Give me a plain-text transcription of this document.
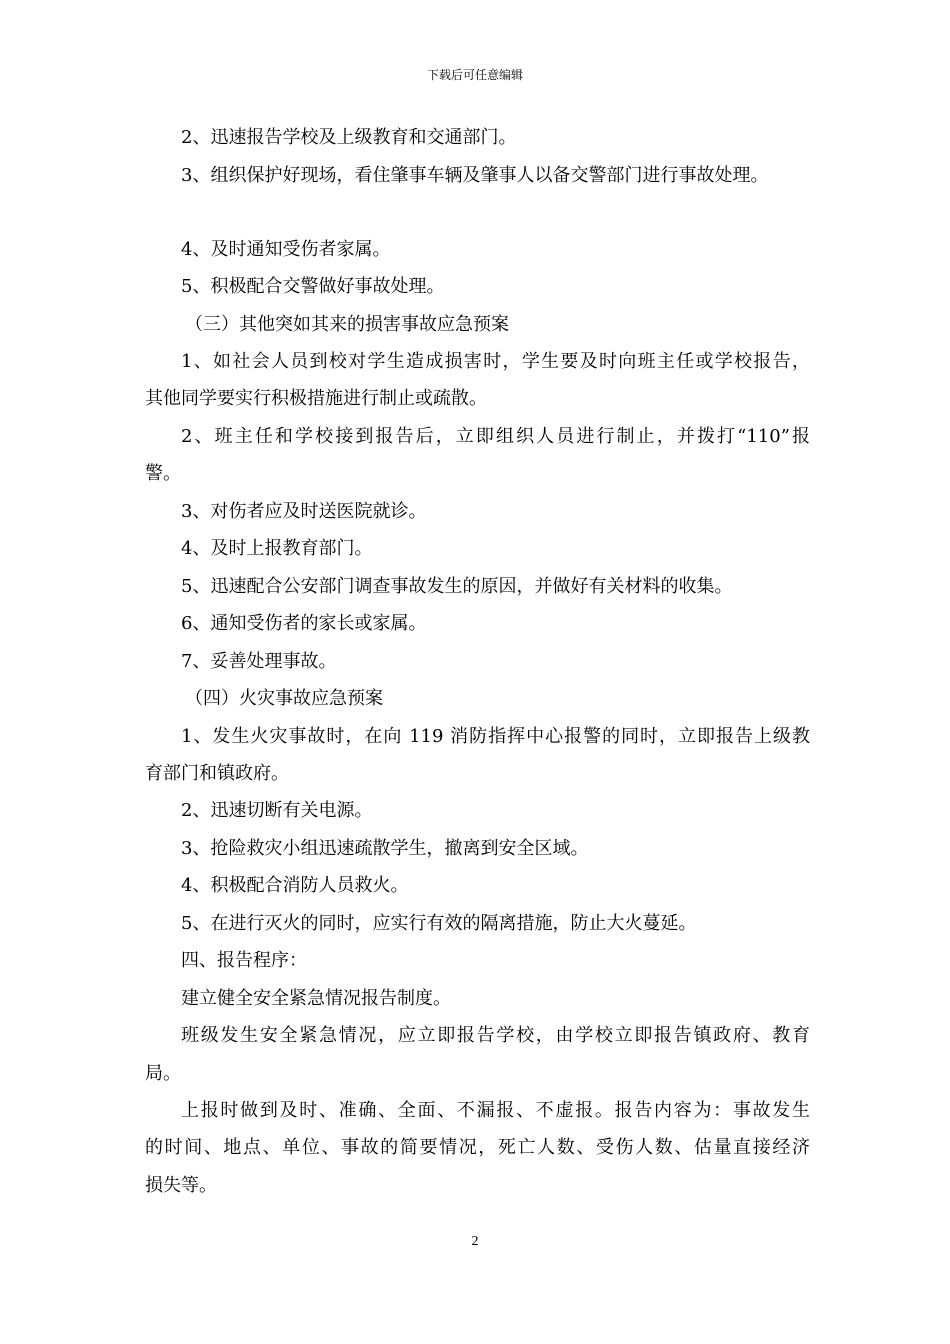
下载后可任意编辑
2、迅速报告学校及上级教育和交通部门。
3、组织保护好现场，看住肇事车辆及肇事人以备交警部门进行事故处理。
4、及时通知受伤者家属。
5、积极配合交警做好事故处理。
（三）其他突如其来的损害事故应急预案
1、如社会人员到校对学生造成损害时，学生要及时向班主任或学校报告，
其他同学要实行积极措施进行制止或疏散。
2、班主任和学校接到报告后，立即组织人员进行制止，并拨打“110”报
警。
3、对伤者应及时送医院就诊。
4、及时上报教育部门。
5、迅速配合公安部门调查事故发生的原因，并做好有关材料的收集。
6、通知受伤者的家长或家属。
7、妥善处理事故。
（四）火灾事故应急预案
1、发生火灾事故时，在向 119 消防指挥中心报警的同时，立即报告上级教
育部门和镇政府。
2、迅速切断有关电源。
3、抢险救灾小组迅速疏散学生，撤离到安全区域。
4、积极配合消防人员救火。
5、在进行灭火的同时，应实行有效的隔离措施，防止大火蔓延。
四、报告程序：
建立健全安全紧急情况报告制度。
班级发生安全紧急情况，应立即报告学校，由学校立即报告镇政府、教育
局。
上报时做到及时、准确、全面、不漏报、不虚报。报告内容为：事故发生
的时间、地点、单位、事故的简要情况，死亡人数、受伤人数、估量直接经济
损失等。
2
